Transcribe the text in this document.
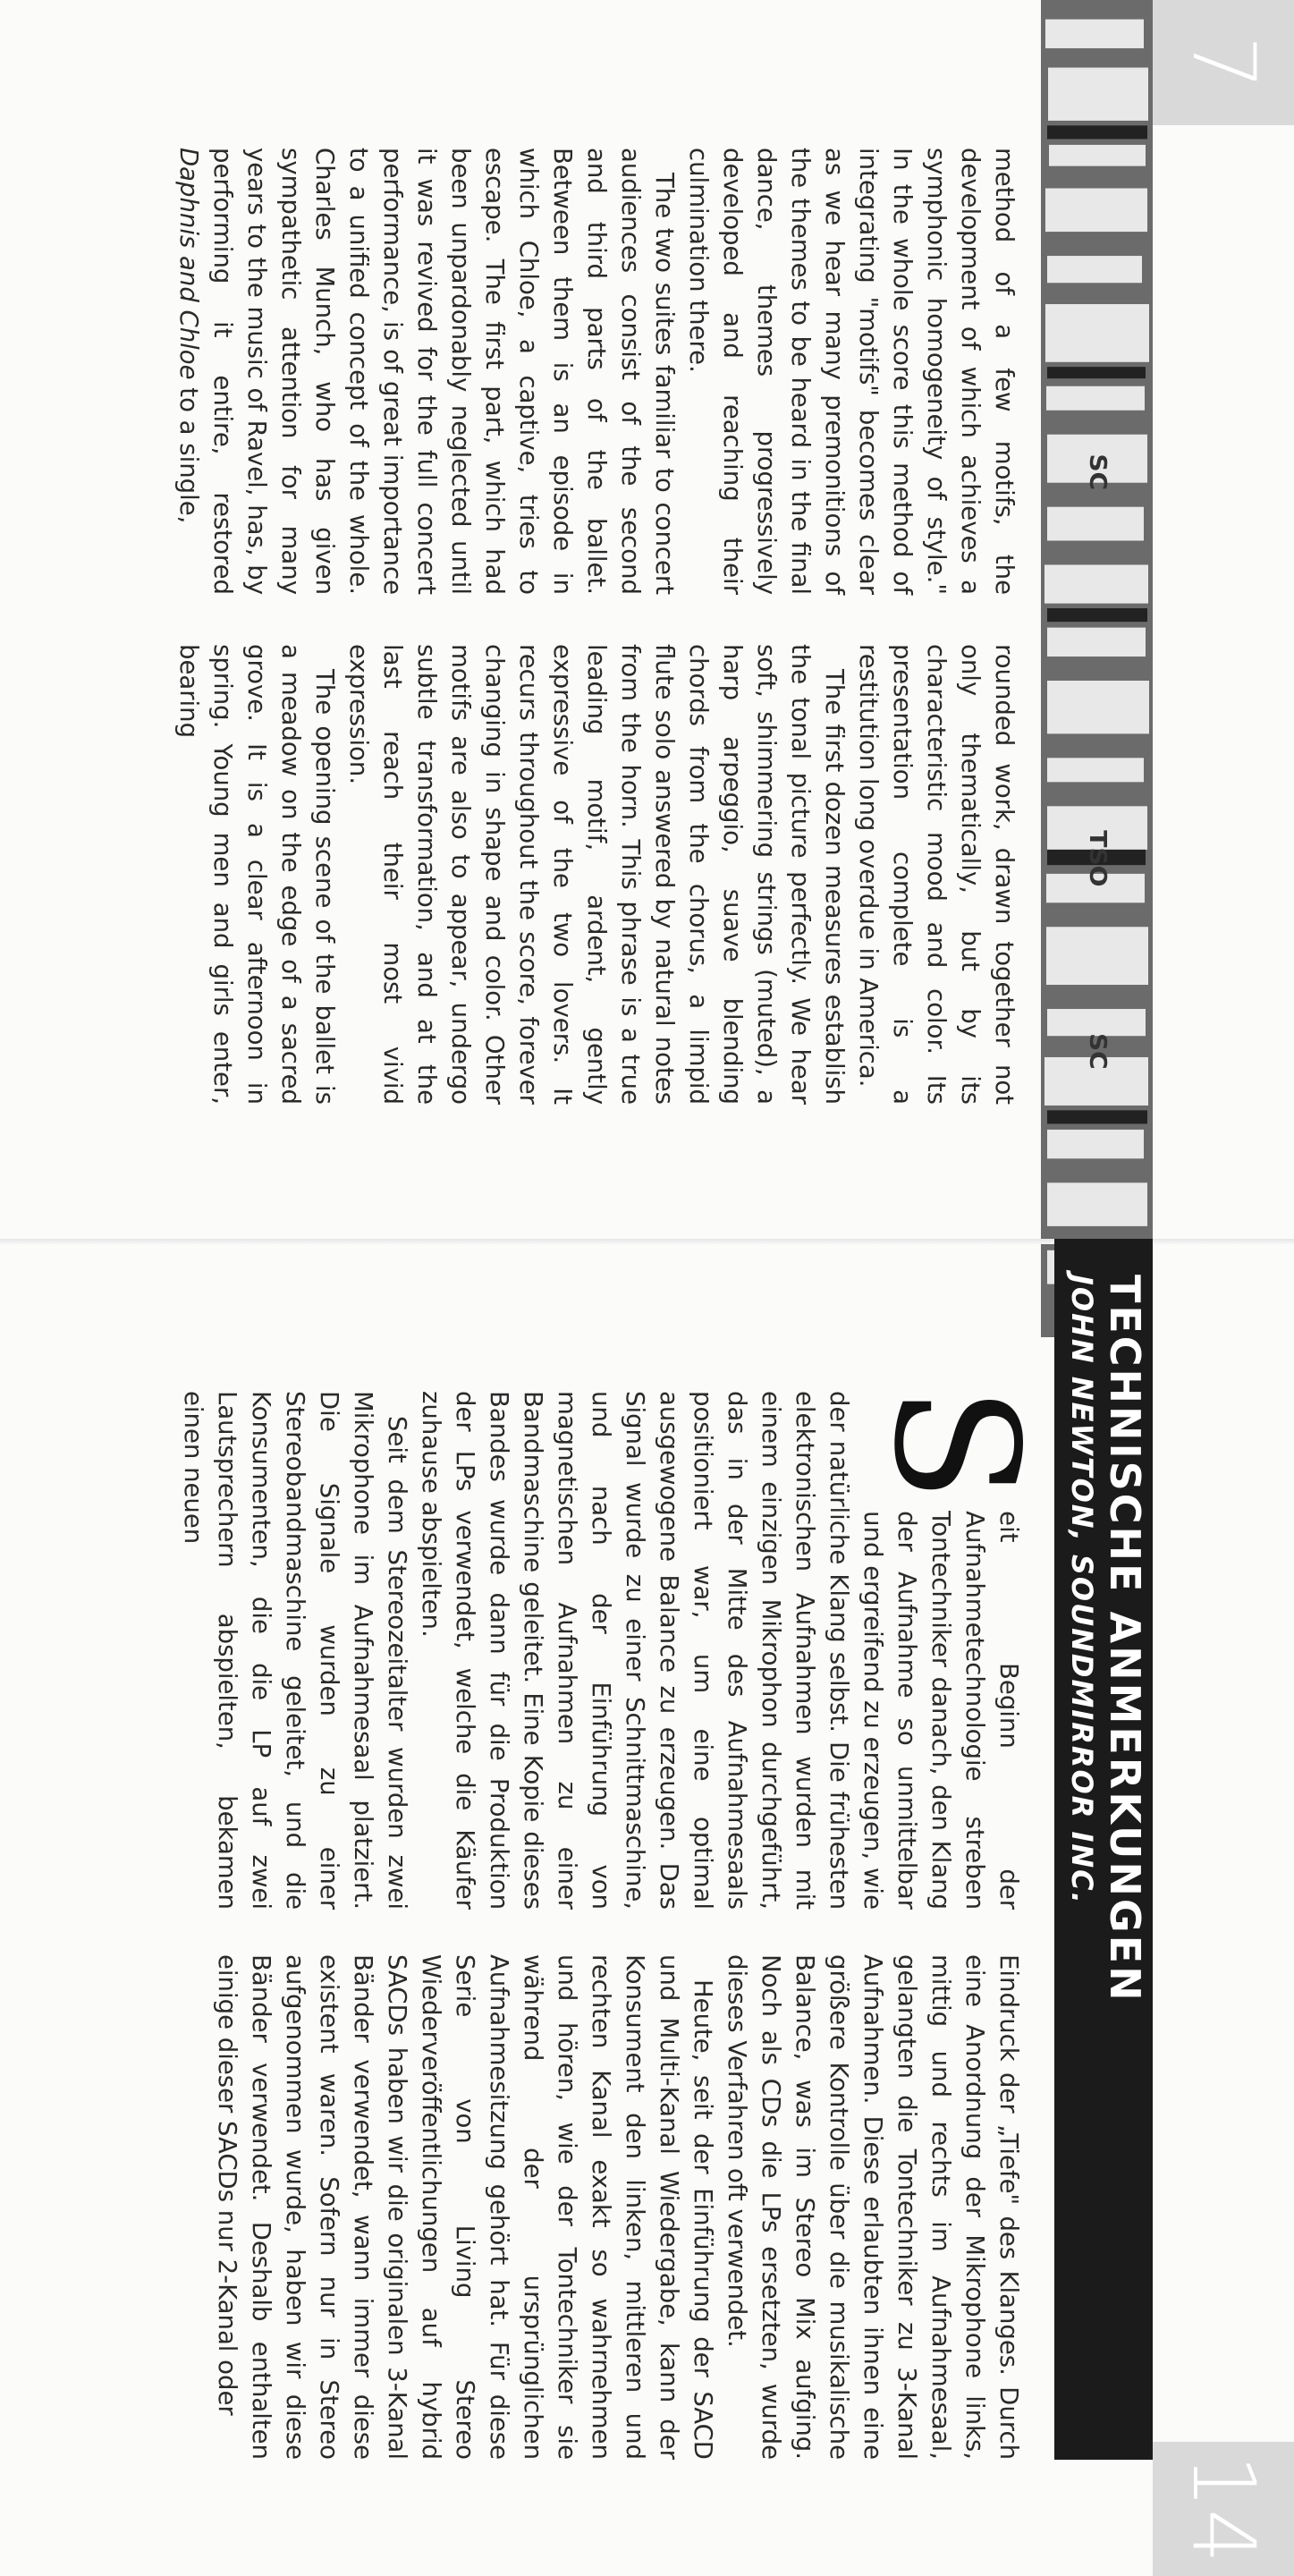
7
SC
TSO
SC

method of a few motifs, the development of which achieves a symphonic homogeneity of style." In the whole score this method of integrating "motifs" becomes clear as we hear many premonitions of the themes to be heard in the final dance, themes progressively developed and reaching their culmination there.

The two suites familiar to concert audiences consist of the second and third parts of the ballet. Between them is an episode in which Chloe, a captive, tries to escape. The first part, which had been unpardonably neglected until it was revived for the full concert performance, is of great importance to a unified concept of the whole. Charles Munch, who has given sympathetic attention for many years to the music of Ravel, has, by performing it entire, restored Daphnis and Chloe to a single,

rounded work, drawn together not only thematically, but by its characteristic mood and color. Its presentation complete is a restitution long overdue in America.

The first dozen measures establish the tonal picture perfectly. We hear soft, shimmering strings (muted), a harp arpeggio, suave blending chords from the chorus, a limpid flute solo answered by natural notes from the horn. This phrase is a true leading motif, ardent, gently expressive of the two lovers. It recurs throughout the score, forever changing in shape and color. Other motifs are also to appear, undergo subtle transformation, and at the last reach their most vivid expression.

The opening scene of the ballet is a meadow on the edge of a sacred grove. It is a clear afternoon in spring. Young men and girls enter, bearing

14
TECHNISCHE ANMERKUNGEN
JOHN NEWTON, SOUNDMIRROR INC.

S
eit Beginn der Aufnahmetechnologie streben Tontechniker danach, den Klang der Aufnahme so unmittelbar und ergreifend zu erzeugen, wie der natürliche Klang selbst. Die frühesten elektronischen Aufnahmen wurden mit einem einzigen Mikrophon durchgeführt, das in der Mitte des Aufnahmesaals positioniert war, um eine optimal ausgewogene Balance zu erzeugen. Das Signal wurde zu einer Schnittmaschine, und nach der Einführung von magnetischen Aufnahmen zu einer Bandmaschine geleitet. Eine Kopie dieses Bandes wurde dann für die Produktion der LPs verwendet, welche die Käufer zuhause abspielten.

Seit dem Stereozeitalter wurden zwei Mikrophone im Aufnahmesaal platziert. Die Signale wurden zu einer Stereobandmaschine geleitet, und die Konsumenten, die die LP auf zwei Lautsprechern abspielten, bekamen einen neuen

Eindruck der „Tiefe" des Klanges. Durch eine Anordnung der Mikrophone links, mittig und rechts im Aufnahmesaal, gelangten die Tontechniker zu 3-Kanal Aufnahmen. Diese erlaubten ihnen eine größere Kontrolle über die musikalische Balance, was im Stereo Mix aufging. Noch als CDs die LPs ersetzten, wurde dieses Verfahren oft verwendet.

Heute, seit der Einführung der SACD und Multi-Kanal Wiedergabe, kann der Konsument den linken, mittleren und rechten Kanal exakt so wahrnehmen und hören, wie der Tontechniker sie während der ursprünglichen Aufnahmesitzung gehört hat. Für diese Serie von Living Stereo Wiederveröffentlichungen auf hybrid SACDs haben wir die originalen 3-Kanal Bänder verwendet, wann immer diese existent waren. Sofern nur in Stereo aufgenommen wurde, haben wir diese Bänder verwendet. Deshalb enthalten einige dieser SACDs nur 2-Kanal oder
